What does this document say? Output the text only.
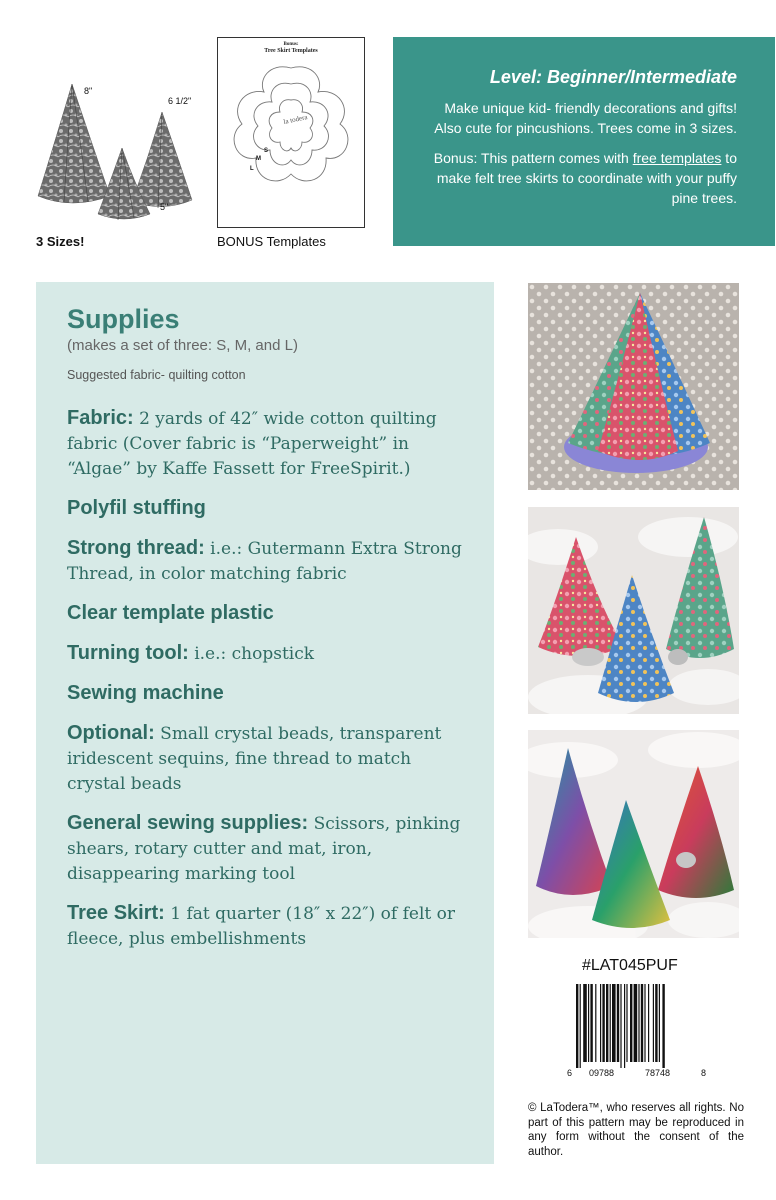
8"
6 1/2"
5"
3 Sizes!
Bonus:
Tree Skirt Templates
la todera
L
M
S
BONUS Templates
Level: Beginner/Intermediate

Make unique kid- friendly decorations and gifts! Also cute for pincushions. Trees come in 3 sizes.

Bonus: This pattern comes with free templates to make felt tree skirts to coordinate with your puffy pine trees.

Supplies
(makes a set of three: S, M, and L)
Suggested fabric- quilting cotton
Fabric: 2 yards of 42″ wide cotton quilting fabric (Cover fabric is “Paperweight” in “Algae” by Kaffe Fassett for FreeSpirit.)
Polyfil stuffing
Strong thread: i.e.: Gutermann Extra Strong Thread, in color matching fabric
Clear template plastic
Turning tool: i.e.: chopstick
Sewing machine
Optional: Small crystal beads, transparent iridescent sequins, fine thread to match crystal beads
General sewing supplies: Scissors, pinking shears, rotary cutter and mat, iron, disappearing marking tool
Tree Skirt: 1 fat quarter (18″ x 22″) of felt or fleece, plus embellishments
#LAT045PUF
6 09788	78748	8
© LaTodera™, who reserves all rights. No part of this pattern may be reproduced in any form without the consent of the author.
